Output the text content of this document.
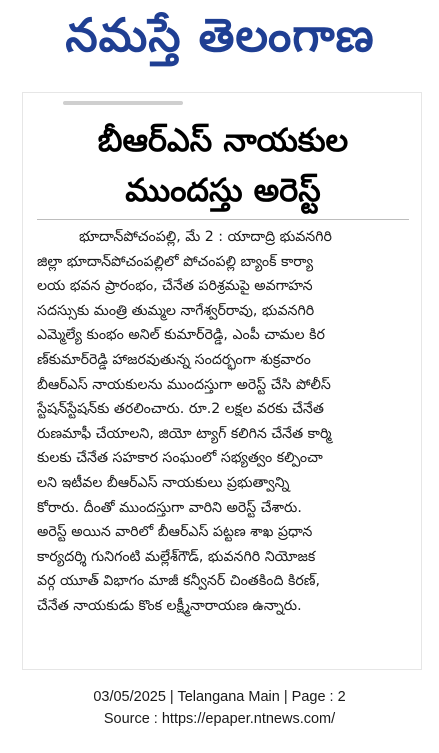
నమస్తే తెలంగాణ
బీఆర్ఎస్ నాయకుల
ముందస్తు అరెస్ట్
భూదాన్‌పోచంపల్లి, మే 2 : యాదాద్రి భువనగిరి
జిల్లా భూదాన్‌పోచంపల్లిలో పోచంపల్లి బ్యాంక్ కార్యా
లయ భవన ప్రారంభం, చేనేత పరిశ్రమపై అవగాహన
సదస్సుకు మంత్రి తుమ్మల నాగేశ్వర్‌రావు, భువనగిరి
ఎమ్మెల్యే కుంభం అనిల్ కుమార్‌రెడ్డి, ఎంపీ చామల కిర
ణ్‌కుమార్‌రెడ్డి హాజరవుతున్న సందర్భంగా శుక్రవారం
బీఆర్ఎస్ నాయకులను ముందస్తుగా అరెస్ట్ చేసి పోలీస్
స్టేషన్‌స్టేషన్‌కు తరలించారు. రూ.2 లక్షల వరకు చేనేత
రుణమాఫీ చేయాలని, జియో ట్యాగ్ కలిగిన చేనేత కార్మి
కులకు చేనేత సహకార సంఘంలో సభ్యత్వం కల్పించా
లని ఇటీవల బీఆర్ఎస్ నాయకులు ప్రభుత్వాన్ని
కోరారు. దీంతో ముందస్తుగా వారిని అరెస్ట్ చేశారు.
అరెస్ట్ అయిన వారిలో బీఆర్ఎస్ పట్టణ శాఖ ప్రధాన
కార్యదర్శి గునిగంటి మల్లేశ్‌గౌడ్, భువనగిరి నియోజక
వర్గ యూత్ విభాగం మాజీ కన్వీనర్ చింతకింది కిరణ్,
చేనేత నాయకుడు కొంక లక్ష్మీనారాయణ ఉన్నారు.
03/05/2025 | Telangana Main | Page : 2
Source : https://epaper.ntnews.com/
